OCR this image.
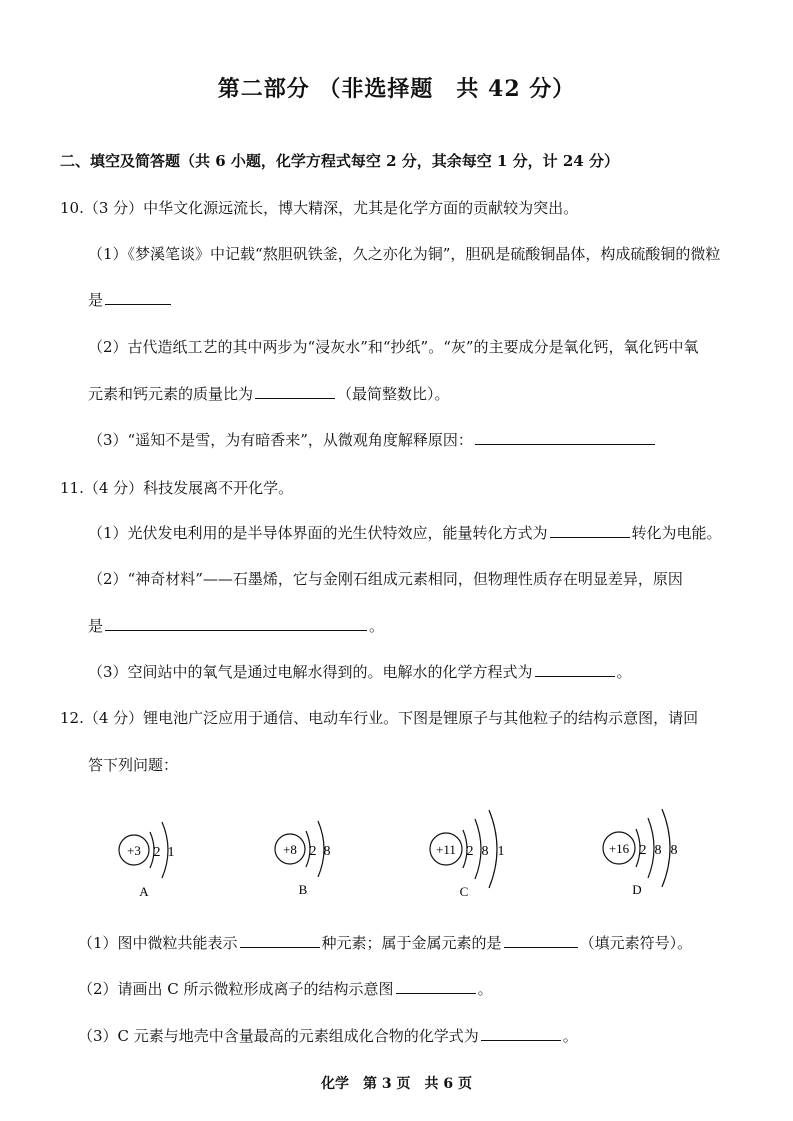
第二部分 （非选择题　共 42 分）
二、填空及简答题（共 6 小题，化学方程式每空 2 分，其余每空 1 分，计 24 分）
10.（3 分）中华文化源远流长，博大精深，尤其是化学方面的贡献较为突出。
（1）《梦溪笔谈》中记载“熬胆矾铁釜，久之亦化为铜”，胆矾是硫酸铜晶体，构成硫酸铜的微粒
是
（2）古代造纸工艺的其中两步为“浸灰水”和“抄纸”。“灰”的主要成分是氧化钙，氧化钙中氧
元素和钙元素的质量比为	（最简整数比）。
（3）“遥知不是雪，为有暗香来”，从微观角度解释原因：
11.（4 分）科技发展离不开化学。
（1）光伏发电利用的是半导体界面的光生伏特效应，能量转化方式为	转化为电能。
（2）“神奇材料”——石墨烯，它与金刚石组成元素相同，但物理性质存在明显差异，原因
是	。
（3）空间站中的氧气是通过电解水得到的。电解水的化学方程式为	。
12.（4 分）锂电池广泛应用于通信、电动车行业。下图是锂原子与其他粒子的结构示意图，请回
答下列问题：
+3 2 1
A
+8 2 8
B
+11 2 8 1
C
+16 2 8 8
D
（1）图中微粒共能表示	种元素；属于金属元素的是	（填元素符号）。
（2）请画出 C 所示微粒形成离子的结构示意图	。
（3）C 元素与地壳中含量最高的元素组成化合物的化学式为	。
化学　第 3 页　共 6 页
